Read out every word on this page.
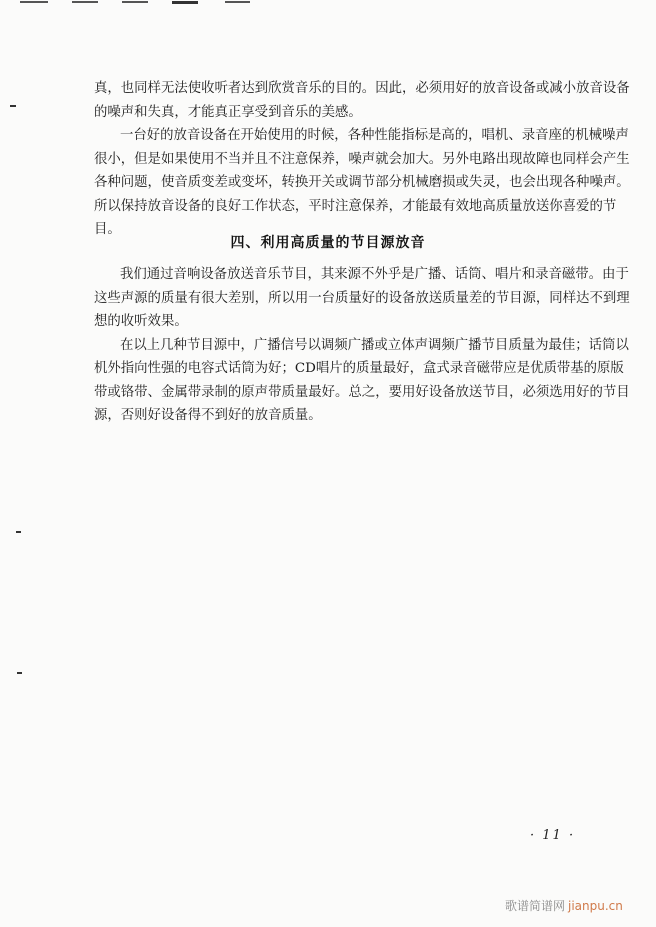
真，也同样无法使收听者达到欣赏音乐的目的。因此，必须用好的放音设备或减小放音设备
的噪声和失真，才能真正享受到音乐的美感。
一台好的放音设备在开始使用的时候，各种性能指标是高的，唱机、录音座的机械噪声
很小，但是如果使用不当并且不注意保养，噪声就会加大。另外电路出现故障也同样会产生
各种问题，使音质变差或变坏，转换开关或调节部分机械磨损或失灵，也会出现各种噪声。
所以保持放音设备的良好工作状态，平时注意保养，才能最有效地高质量放送你喜爱的节
目。
四、利用高质量的节目源放音
我们通过音响设备放送音乐节目，其来源不外乎是广播、话筒、唱片和录音磁带。由于
这些声源的质量有很大差别，所以用一台质量好的设备放送质量差的节目源，同样达不到理
想的收听效果。
在以上几种节目源中，广播信号以调频广播或立体声调频广播节目质量为最佳；话筒以
机外指向性强的电容式话筒为好；CD唱片的质量最好，盒式录音磁带应是优质带基的原版
带或铬带、金属带录制的原声带质量最好。总之，要用好设备放送节目，必须选用好的节目
源，否则好设备得不到好的放音质量。
· 11 ·
歌谱简谱网 jianpu.cn
